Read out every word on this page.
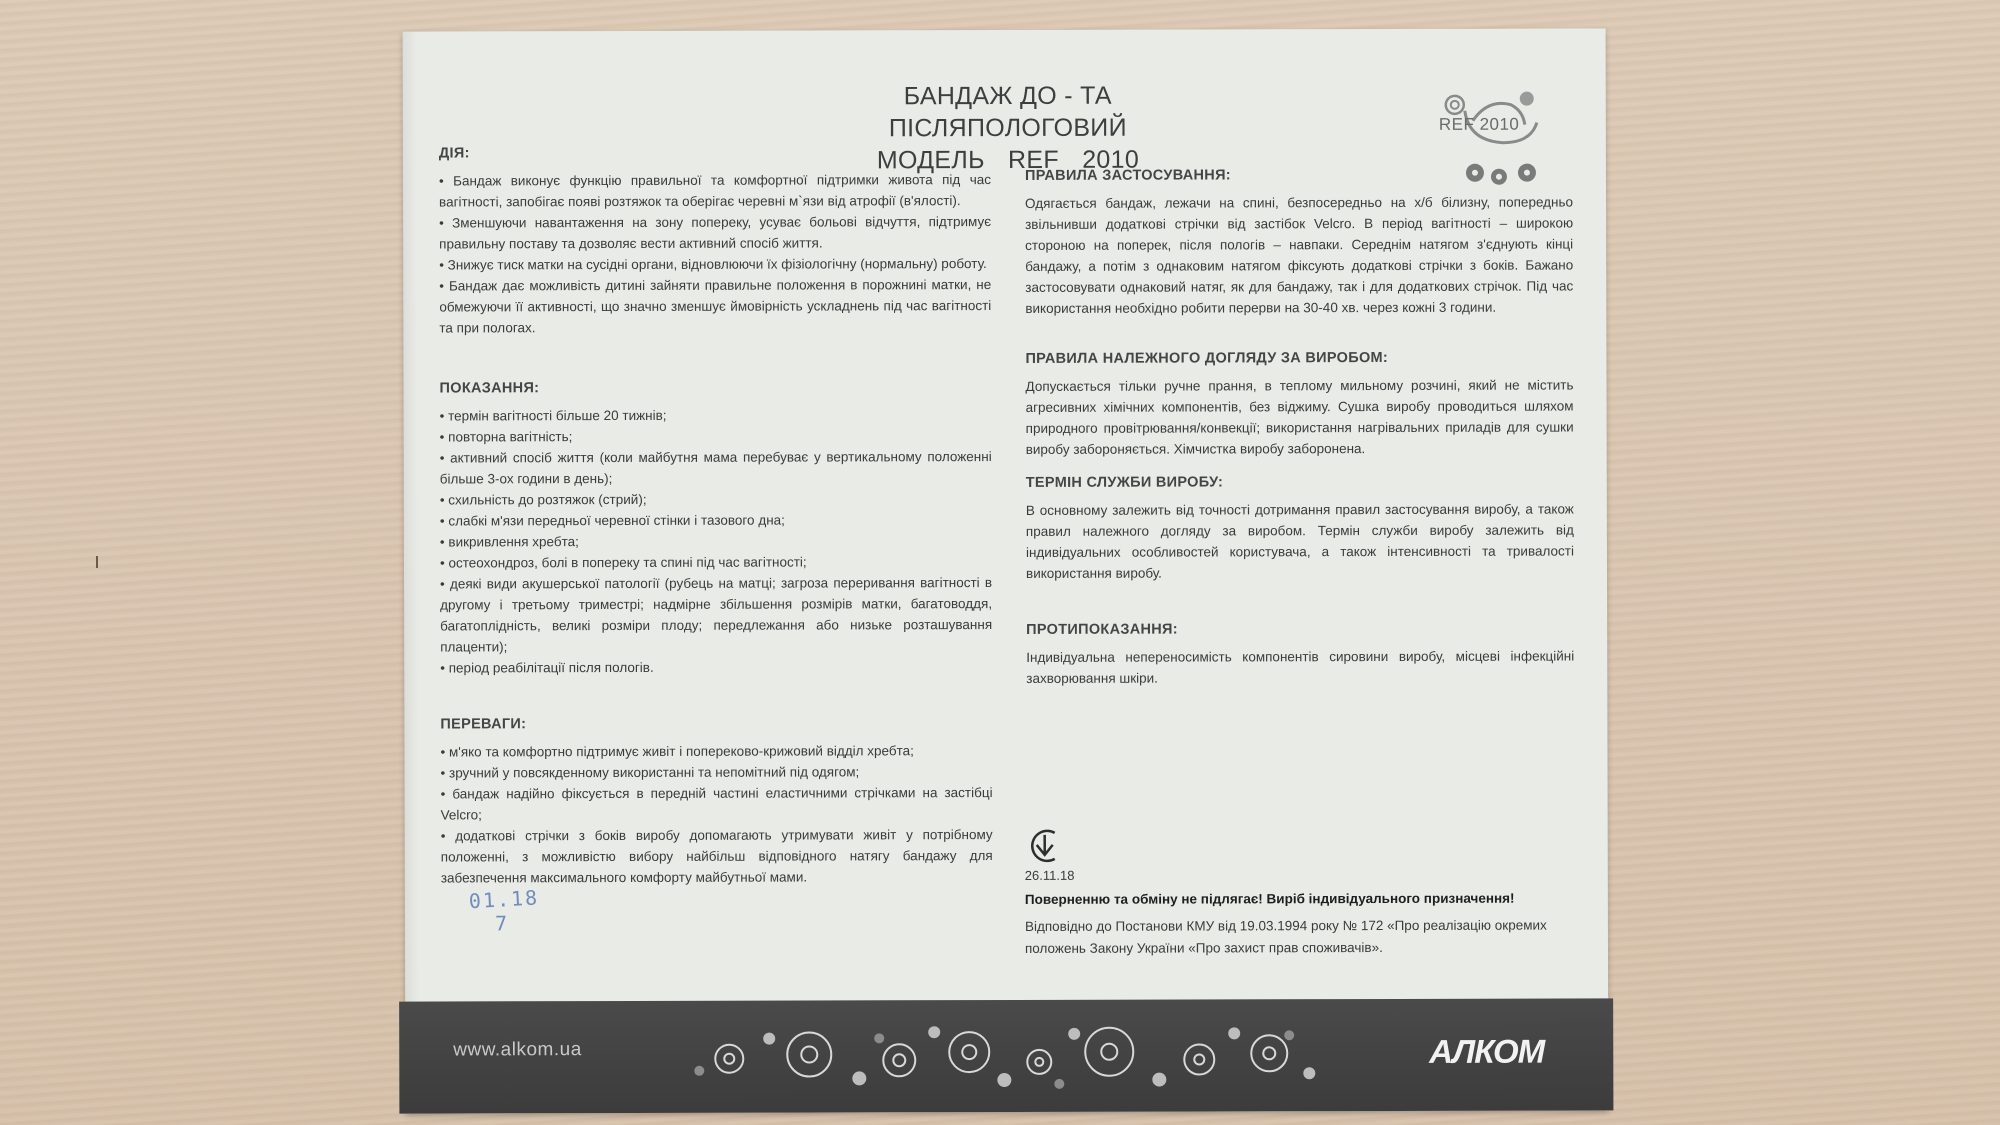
БАНДАЖ ДО - ТА ПІСЛЯПОЛОГОВИЙ
МОДЕЛЬ REF 2010
REF 2010
ДІЯ:

• Бандаж виконує функцію правильної та комфортної підтримки живота під час вагітності, запобігає появі розтяжок та оберігає черевні м`язи від атрофії (в'ялості).

• Зменшуючи навантаження на зону попереку, усуває больові відчуття, підтримує правильну поставу та дозволяє вести активний спосіб життя.

• Знижує тиск матки на сусідні органи, відновлюючи їх фізіологічну (нормальну) роботу.

• Бандаж дає можливість дитині зайняти правильне положення в порожнині матки, не обмежуючи її активності, що значно зменшує ймовірність ускладнень під час вагітності та при пологах.

ПОКАЗАННЯ:

• термін вагітності більше 20 тижнів;

• повторна вагітність;

• активний спосіб життя (коли майбутня мама перебуває у вертикальному положенні більше 3-ох години в день);

• схильність до розтяжок (стрий);

• слабкі м'язи передньої черевної стінки і тазового дна;

• викривлення хребта;

• остеохондроз, болі в попереку та спині під час вагітності;

• деякі види акушерської патології (рубець на матці; загроза переривання вагітності в другому і третьому триместрі; надмірне збільшення розмірів матки, багатоводдя, багатоплідність, великі розміри плоду; передлежання або низьке розташування плаценти);

• період реабілітації після пологів.

ПЕРЕВАГИ:

• м'яко та комфортно підтримує живіт і попереково-крижовий відділ хребта;

• зручний у повсякденному використанні та непомітний під одягом;

• бандаж надійно фіксується в передній частині еластичними стрічками на застібці Velcro;

• додаткові стрічки з боків виробу допомагають утримувати живіт у потрібному положенні, з можливістю вибору найбільш відповідного натягу бандажу для забезпечення максимального комфорту майбутньої мами.

ПРАВИЛА ЗАСТОСУВАННЯ:

Одягається бандаж, лежачи на спині, безпосередньо на х/б білизну, попередньо звільнивши додаткові стрічки від застібок Velcro. В період вагітності – широкою стороною на поперек, після пологів – навпаки. Середнім натягом з'єднують кінці бандажу, а потім з однаковим натягом фіксують додаткові стрічки з боків. Бажано застосовувати однаковий натяг, як для бандажу, так і для додаткових стрічок. Під час використання необхідно робити перерви на 30-40 хв. через кожні 3 години.

ПРАВИЛА НАЛЕЖНОГО ДОГЛЯДУ ЗА ВИРОБОМ:

Допускається тільки ручне прання, в теплому мильному розчині, який не містить агресивних хімічних компонентів, без віджиму. Сушка виробу проводиться шляхом природного провітрювання/конвекції; використання нагрівальних приладів для сушки виробу забороняється. Хімчистка виробу заборонена.

ТЕРМІН СЛУЖБИ ВИРОБУ:

В основному залежить від точності дотримання правил застосування виробу, а також правил належного догляду за виробом. Термін служби виробу залежить від індивідуальних особливостей користувача, а також інтенсивності та тривалості використання виробу.

ПРОТИПОКАЗАННЯ:

Індивідуальна непереносимість компонентів сировини виробу, місцеві інфекційні захворювання шкіри.

26.11.18
Поверненню та обміну не підлягає! Виріб індивідуального призначення!
Відповідно до Постанови КМУ від 19.03.1994 року № 172 «Про реалізацію окремих положень Закону України «Про захист прав споживачів».
01.18
7
www.alkom.ua	АЛКОМ
